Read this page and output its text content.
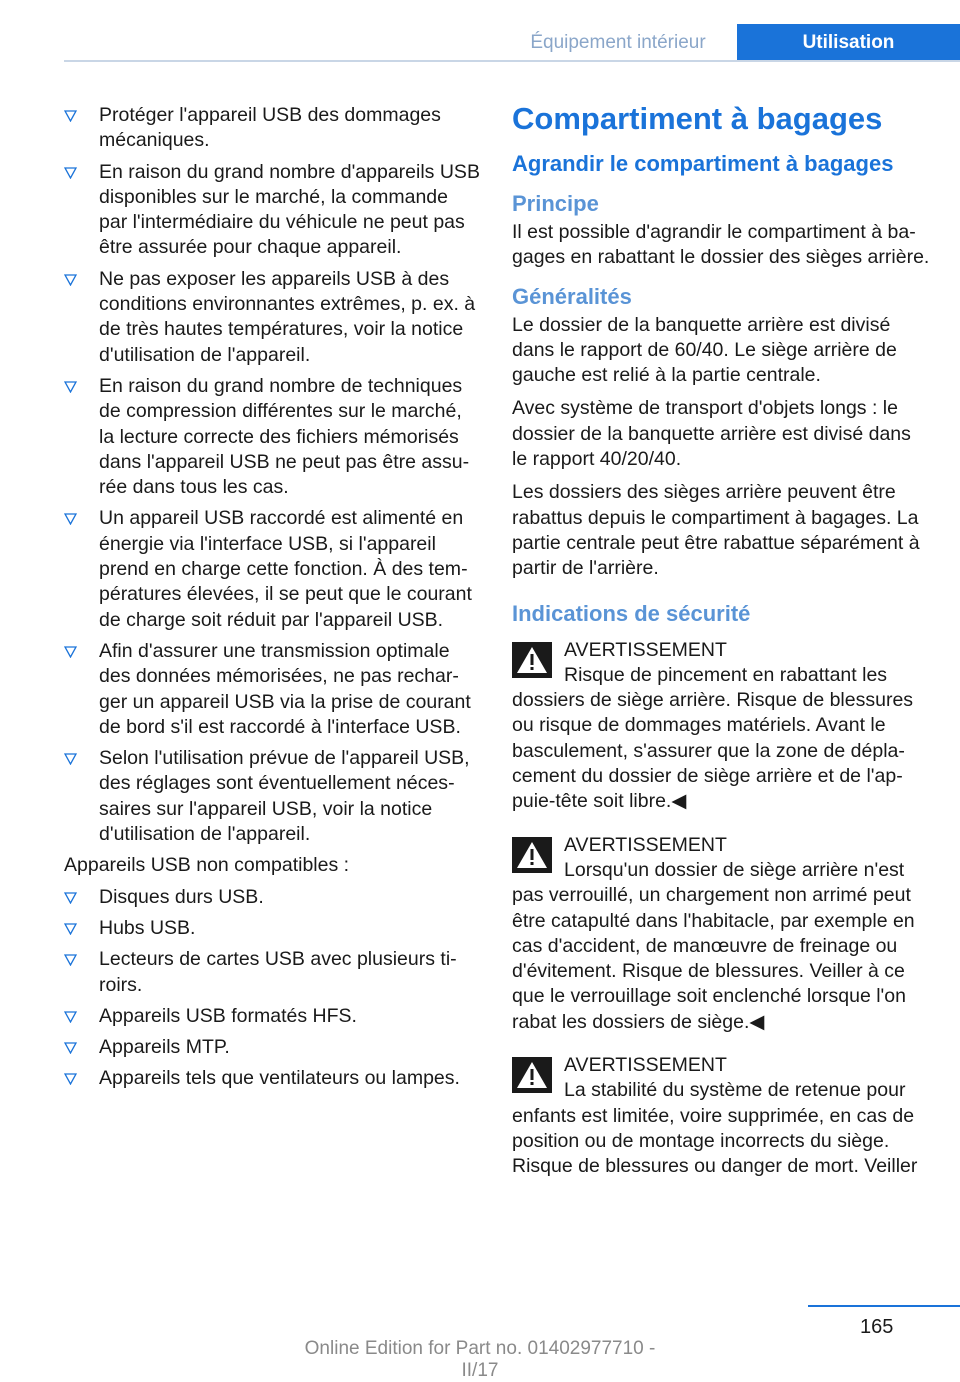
Équipement intérieur	Utilisation
Protéger l'appareil USB des dommages mécaniques.
En raison du grand nombre d'appareils USB disponibles sur le marché, la commande par l'intermédiaire du véhicule ne peut pas être assurée pour chaque appareil.
Ne pas exposer les appareils USB à des conditions environnantes extrêmes, p. ex. à de très hautes températures, voir la notice d'utilisation de l'appareil.
En raison du grand nombre de techniques de compression différentes sur le marché, la lecture correcte des fichiers mémorisés dans l'appareil USB ne peut pas être assurée dans tous les cas.
Un appareil USB raccordé est alimenté en énergie via l'interface USB, si l'appareil prend en charge cette fonction. À des températures élevées, il se peut que le courant de charge soit réduit par l'appareil USB.
Afin d'assurer une transmission optimale des données mémorisées, ne pas recharger un appareil USB via la prise de courant de bord s'il est raccordé à l'interface USB.
Selon l'utilisation prévue de l'appareil USB, des réglages sont éventuellement nécessaires sur l'appareil USB, voir la notice d'utilisation de l'appareil.

Appareils USB non compatibles :

Disques durs USB.
Hubs USB.
Lecteurs de cartes USB avec plusieurs tiroirs.
Appareils USB formatés HFS.
Appareils MTP.
Appareils tels que ventilateurs ou lampes.
Compartiment à bagages
Agrandir le compartiment à bagages
Principe

Il est possible d'agrandir le compartiment à bagages en rabattant le dossier des sièges arrière.

Généralités

Le dossier de la banquette arrière est divisé dans le rapport de 60/40. Le siège arrière de gauche est relié à la partie centrale.

Avec système de transport d'objets longs : le dossier de la banquette arrière est divisé dans le rapport 40/20/40.

Les dossiers des sièges arrière peuvent être rabattus depuis le compartiment à bagages. La partie centrale peut être rabattue séparément à partir de l'arrière.

Indications de sécurité
AVERTISSEMENT
Risque de pincement en rabattant les dossiers de siège arrière. Risque de blessures ou risque de dommages matériels. Avant le basculement, s'assurer que la zone de déplacement du dossier de siège arrière et de l'appuie-tête soit libre.◀
AVERTISSEMENT
Lorsqu'un dossier de siège arrière n'est pas verrouillé, un chargement non arrimé peut être catapulté dans l'habitacle, par exemple en cas d'accident, de manœuvre de freinage ou d'évitement. Risque de blessures. Veiller à ce que le verrouillage soit enclenché lorsque l'on rabat les dossiers de siège.◀
AVERTISSEMENT
La stabilité du système de retenue pour enfants est limitée, voire supprimée, en cas de position ou de montage incorrects du siège. Risque de blessures ou danger de mort. Veiller
165
Online Edition for Part no. 01402977710 - II/17
